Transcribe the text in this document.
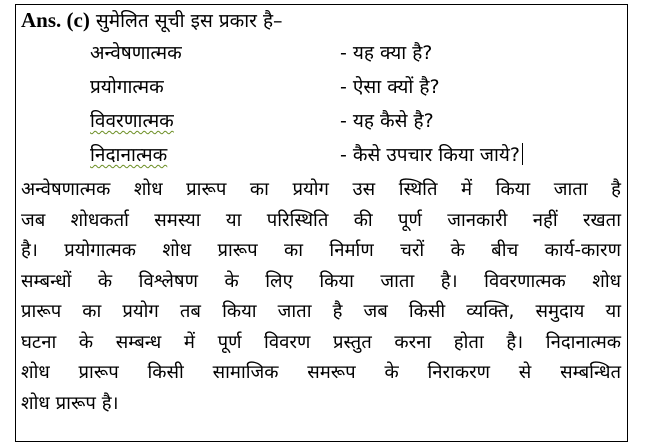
Ans. (c) सुमेलित सूची इस प्रकार है–
अन्वेषणात्मक	- यह क्या है?
प्रयोगात्मक	- ऐसा क्यों है?
विवरणात्मक	- यह कैसे है?
निदानात्मक	- कैसे उपचार किया जाये?
अन्वेषणात्मक शोध प्रारूप का प्रयोग उस स्थिति में किया जाता है
जब शोधकर्ता समस्या या परिस्थिति की पूर्ण जानकारी नहीं रखता
है। प्रयोगात्मक शोध प्रारूप का निर्माण चरों के बीच कार्य-कारण
सम्बन्धों के विश्लेषण के लिए किया जाता है। विवरणात्मक शोध
प्रारूप का प्रयोग तब किया जाता है जब किसी व्यक्ति, समुदाय या
घटना के सम्बन्ध में पूर्ण विवरण प्रस्तुत करना होता है। निदानात्मक
शोध प्रारूप किसी सामाजिक समरूप के निराकरण से सम्बन्धित
शोध प्रारूप है।
